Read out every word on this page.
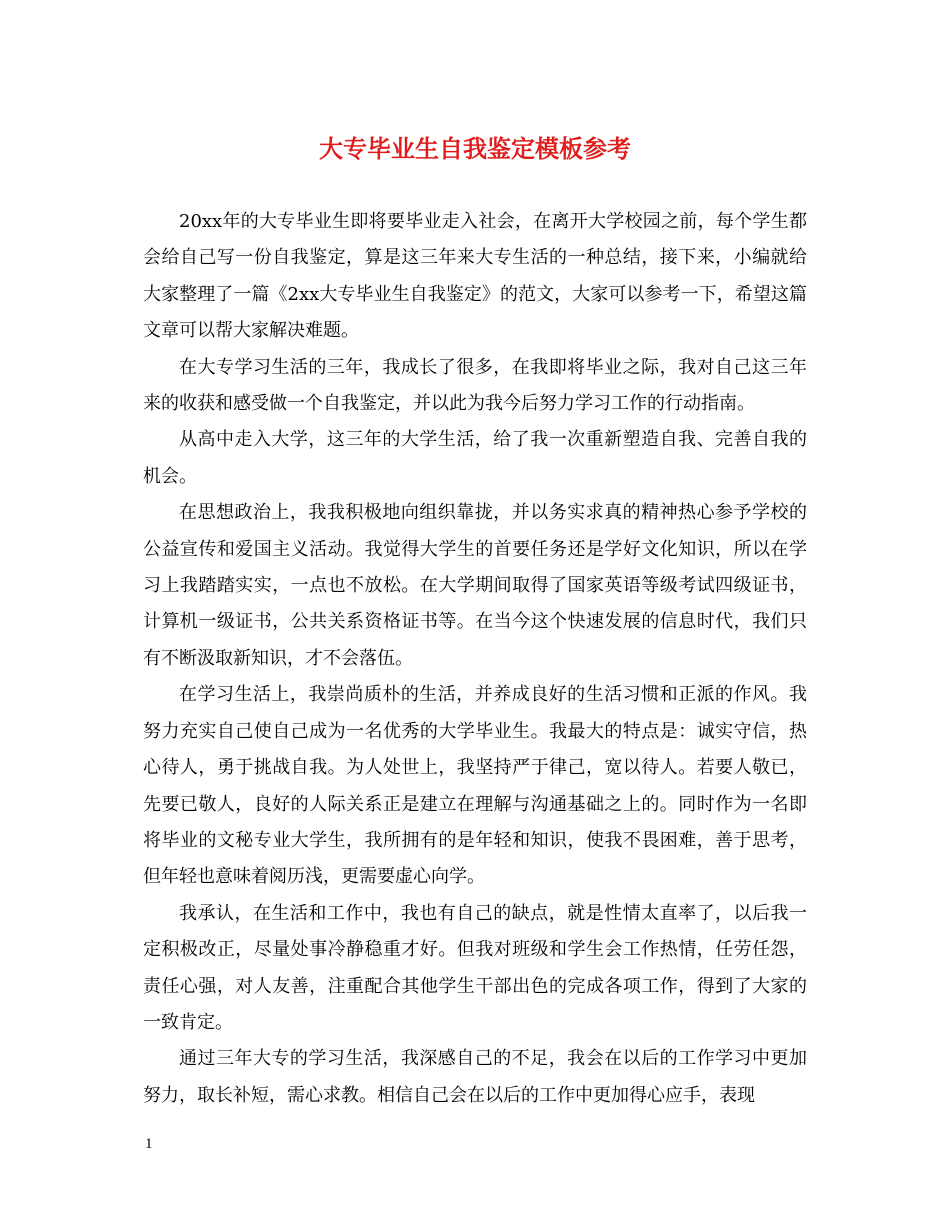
大专毕业生自我鉴定模板参考

20xx年的大专毕业生即将要毕业走入社会，在离开大学校园之前，每个学生都会给自己写一份自我鉴定，算是这三年来大专生活的一种总结，接下来，小编就给大家整理了一篇《2xx大专毕业生自我鉴定》的范文，大家可以参考一下，希望这篇文章可以帮大家解决难题。

在大专学习生活的三年，我成长了很多，在我即将毕业之际，我对自己这三年来的收获和感受做一个自我鉴定，并以此为我今后努力学习工作的行动指南。

从高中走入大学，这三年的大学生活，给了我一次重新塑造自我、完善自我的机会。

在思想政治上，我我积极地向组织靠拢，并以务实求真的精神热心参予学校的公益宣传和爱国主义活动。我觉得大学生的首要任务还是学好文化知识，所以在学习上我踏踏实实，一点也不放松。在大学期间取得了国家英语等级考试四级证书，计算机一级证书，公共关系资格证书等。在当今这个快速发展的信息时代，我们只有不断汲取新知识，才不会落伍。

在学习生活上，我崇尚质朴的生活，并养成良好的生活习惯和正派的作风。我努力充实自己使自己成为一名优秀的大学毕业生。我最大的特点是：诚实守信，热心待人，勇于挑战自我。为人处世上，我坚持严于律己，宽以待人。若要人敬已，先要已敬人，良好的人际关系正是建立在理解与沟通基础之上的。同时作为一名即将毕业的文秘专业大学生，我所拥有的是年轻和知识，使我不畏困难，善于思考，但年轻也意味着阅历浅，更需要虚心向学。

我承认，在生活和工作中，我也有自己的缺点，就是性情太直率了，以后我一定积极改正，尽量处事冷静稳重才好。但我对班级和学生会工作热情，任劳任怨，责任心强，对人友善，注重配合其他学生干部出色的完成各项工作，得到了大家的一致肯定。

通过三年大专的学习生活，我深感自己的不足，我会在以后的工作学习中更加努力，取长补短，需心求教。相信自己会在以后的工作中更加得心应手，表现

1
